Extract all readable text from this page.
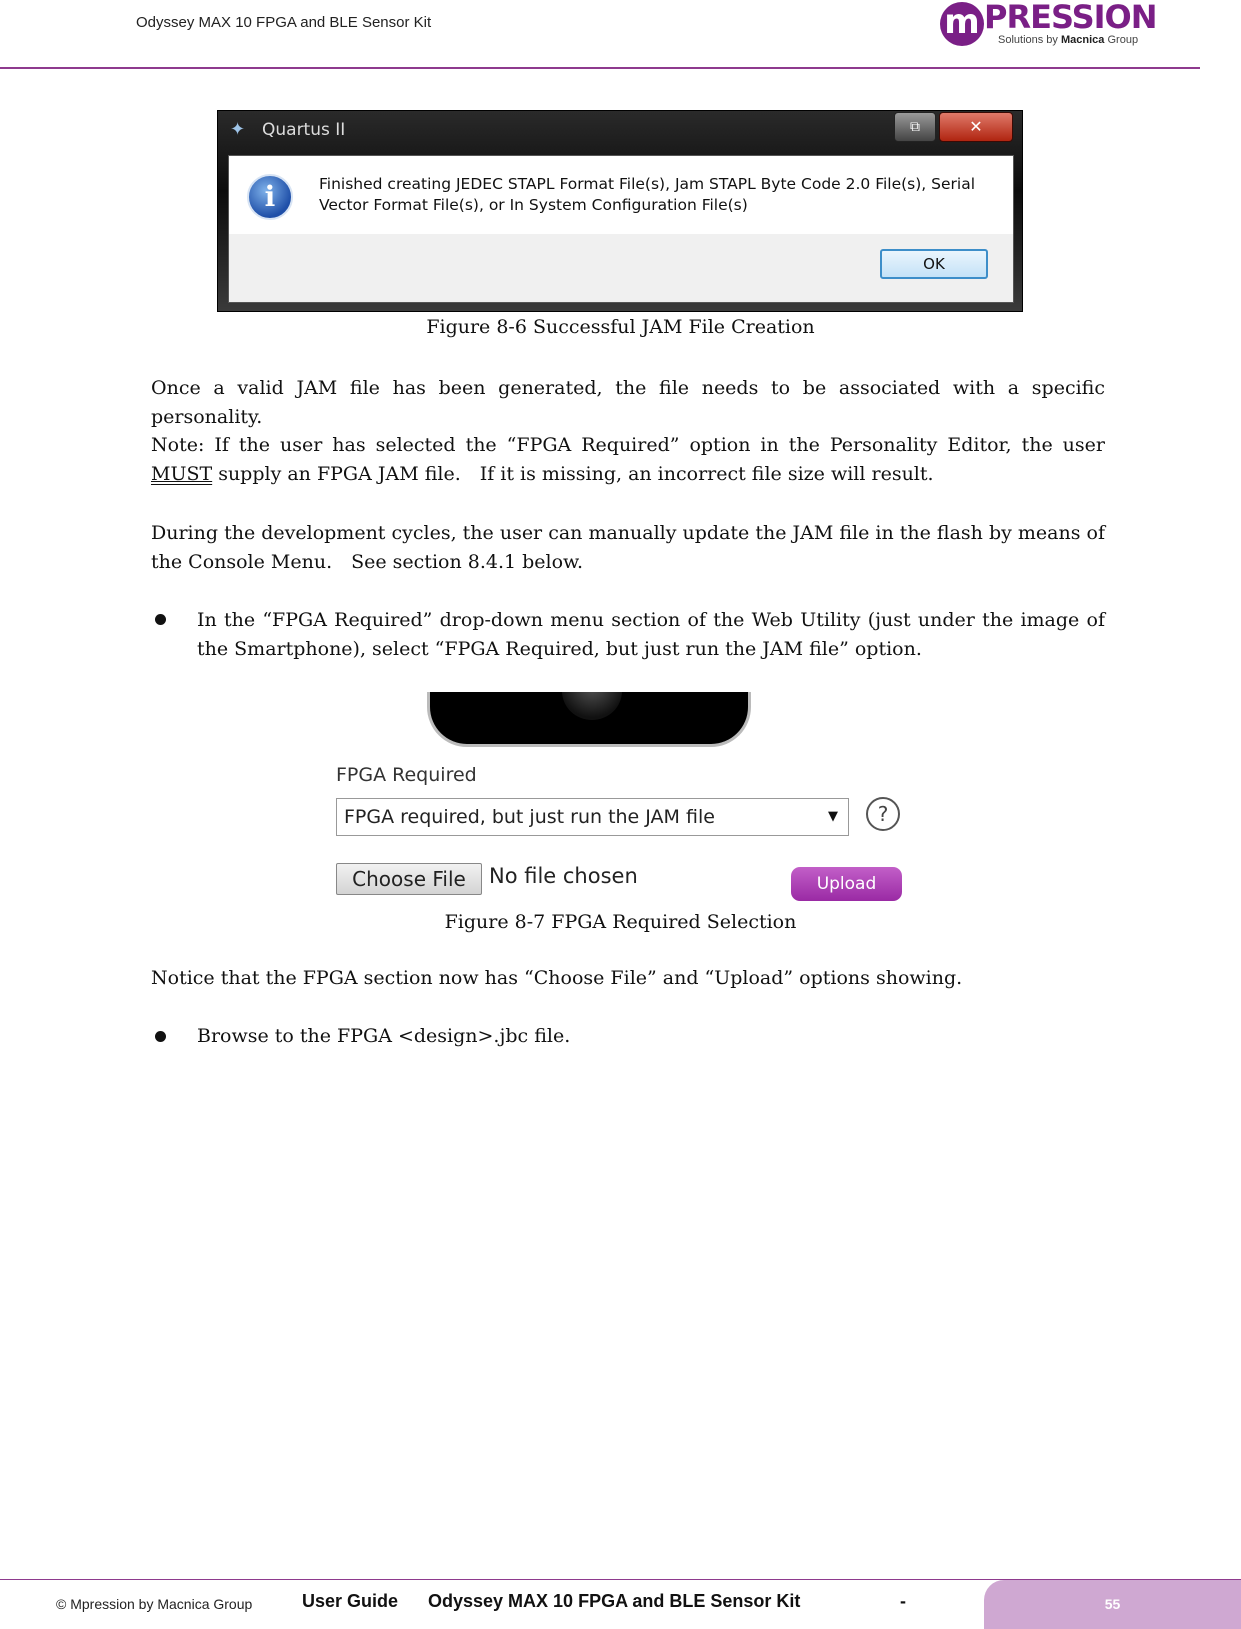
Odyssey MAX 10 FPGA and BLE Sensor Kit	m PRESSION
Solutions by Macnica Group
✦ Quartus II	⧉	✕
i	Finished creating JEDEC STAPL Format File(s), Jam STAPL Byte Code 2.0 File(s), Serial Vector Format File(s), or In System Configuration File(s)
OK
Figure 8-6 Successful JAM File Creation
Once a valid JAM file has been generated, the file needs to be associated with a specific personality.
Note: If the user has selected the “FPGA Required” option in the Personality Editor, the user MUST supply an FPGA JAM file.　If it is missing, an incorrect file size will result.
During the development cycles, the user can manually update the JAM file in the flash by means of the Console Menu.　See section 8.4.1 below.
In the “FPGA Required” drop-down menu section of the Web Utility (just under the image of the Smartphone), select “FPGA Required, but just run the JAM file” option.
FPGA Required
FPGA required, but just run the JAM file	▼	?
Choose File	No file chosen	Upload
Figure 8-7 FPGA Required Selection
Notice that the FPGA section now has “Choose File” and “Upload” options showing.
Browse to the FPGA <design>.jbc file.
© Mpression by Macnica Group	User Guide Odyssey MAX 10 FPGA and BLE Sensor Kit	-	55
